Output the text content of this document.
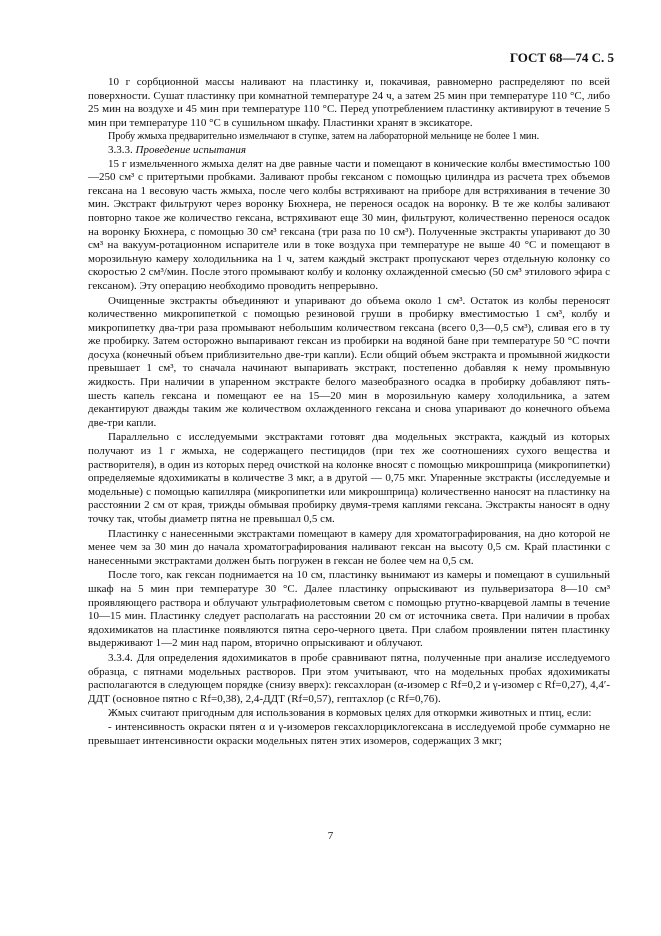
ГОСТ 68—74 С. 5

10 г сорбционной массы наливают на пластинку и, покачивая, равномерно распределяют по всей поверхности. Сушат пластинку при комнатной температуре 24 ч, а затем 25 мин при температуре 110 °С, либо 25 мин на воздухе и 45 мин при температуре 110 °С. Перед употреблением пластинку активируют в течение 5 мин при температуре 110 °С в сушильном шкафу. Пластинки хранят в эксикаторе.

Пробу жмыха предварительно измельчают в ступке, затем на лабораторной мельнице не более 1 мин.

3.3.3. Проведение испытания

15 г измельченного жмыха делят на две равные части и помещают в конические колбы вместимостью 100—250 см³ с притертыми пробками. Заливают пробы гексаном с помощью цилиндра из расчета трех объемов гексана на 1 весовую часть жмыха, после чего колбы встряхивают на приборе для встряхивания в течение 30 мин. Экстракт фильтруют через воронку Бюхнера, не перенося осадок на воронку. В те же колбы заливают повторно такое же количество гексана, встряхивают еще 30 мин, фильтруют, количественно перенося осадок на воронку Бюхнера, с помощью 30 см³ гексана (три раза по 10 см³). Полученные экстракты упаривают до 30 см³ на вакуум-ротационном испарителе или в токе воздуха при температуре не выше 40 °С и помещают в морозильную камеру холодильника на 1 ч, затем каждый экстракт пропускают через отдельную колонку со скоростью 2 см³/мин. После этого промывают колбу и колонку охлажденной смесью (50 см³ этилового эфира с гексаном). Эту операцию необходимо проводить непрерывно.

Очищенные экстракты объединяют и упаривают до объема около 1 см³. Остаток из колбы переносят количественно микропипеткой с помощью резиновой груши в пробирку вместимостью 1 см³, колбу и микропипетку два-три раза промывают небольшим количеством гексана (всего 0,3—0,5 см³), сливая его в ту же пробирку. Затем осторожно выпаривают гексан из пробирки на водяной бане при температуре 50 °С почти досуха (конечный объем приблизительно две-три капли). Если общий объем экстракта и промывной жидкости превышает 1 см³, то сначала начинают выпаривать экстракт, постепенно добавляя к нему промывную жидкость. При наличии в упаренном экстракте белого мазеобразного осадка в пробирку добавляют пять-шесть капель гексана и помещают ее на 15—20 мин в морозильную камеру холодильника, а затем декантируют дважды таким же количеством охлажденного гексана и снова упаривают до конечного объема две-три капли.

Параллельно с исследуемыми экстрактами готовят два модельных экстракта, каждый из которых получают из 1 г жмыха, не содержащего пестицидов (при тех же соотношениях сухого вещества и растворителя), в один из которых перед очисткой на колонке вносят с помощью микрошприца (микропипетки) определяемые ядохимикаты в количестве 3 мкг, а в другой — 0,75 мкг. Упаренные экстракты (исследуемые и модельные) с помощью капилляра (микропипетки или микрошприца) количественно наносят на пластинку на расстоянии 2 см от края, трижды обмывая пробирку двумя-тремя каплями гексана. Экстракты наносят в одну точку так, чтобы диаметр пятна не превышал 0,5 см.

Пластинку с нанесенными экстрактами помещают в камеру для хроматографирования, на дно которой не менее чем за 30 мин до начала хроматографирования наливают гексан на высоту 0,5 см. Край пластинки с нанесенными экстрактами должен быть погружен в гексан не более чем на 0,5 см.

После того, как гексан поднимается на 10 см, пластинку вынимают из камеры и помещают в сушильный шкаф на 5 мин при температуре 30 °С. Далее пластинку опрыскивают из пульверизатора 8—10 см³ проявляющего раствора и облучают ультрафиолетовым светом с помощью ртутно-кварцевой лампы в течение 10—15 мин. Пластинку следует располагать на расстоянии 20 см от источника света. При наличии в пробах ядохимикатов на пластинке появляются пятна серо-черного цвета. При слабом проявлении пятен пластинку выдерживают 1—2 мин над паром, вторично опрыскивают и облучают.

3.3.4. Для определения ядохимикатов в пробе сравнивают пятна, полученные при анализе исследуемого образца, с пятнами модельных растворов. При этом учитывают, что на модельных пробах ядохимикаты располагаются в следующем порядке (снизу вверх): гексахлоран (α-изомер с Rf=0,2 и γ-изомер с Rf=0,27), 4,4′-ДДТ (основное пятно с Rf=0,38), 2,4-ДДТ (Rf=0,57), гептахлор (с Rf=0,76).

Жмых считают пригодным для использования в кормовых целях для откормки животных и птиц, если:

- интенсивность окраски пятен α и γ-изомеров гексахлорциклогексана в исследуемой пробе суммарно не превышает интенсивности окраски модельных пятен этих изомеров, содержащих 3 мкг;

7
